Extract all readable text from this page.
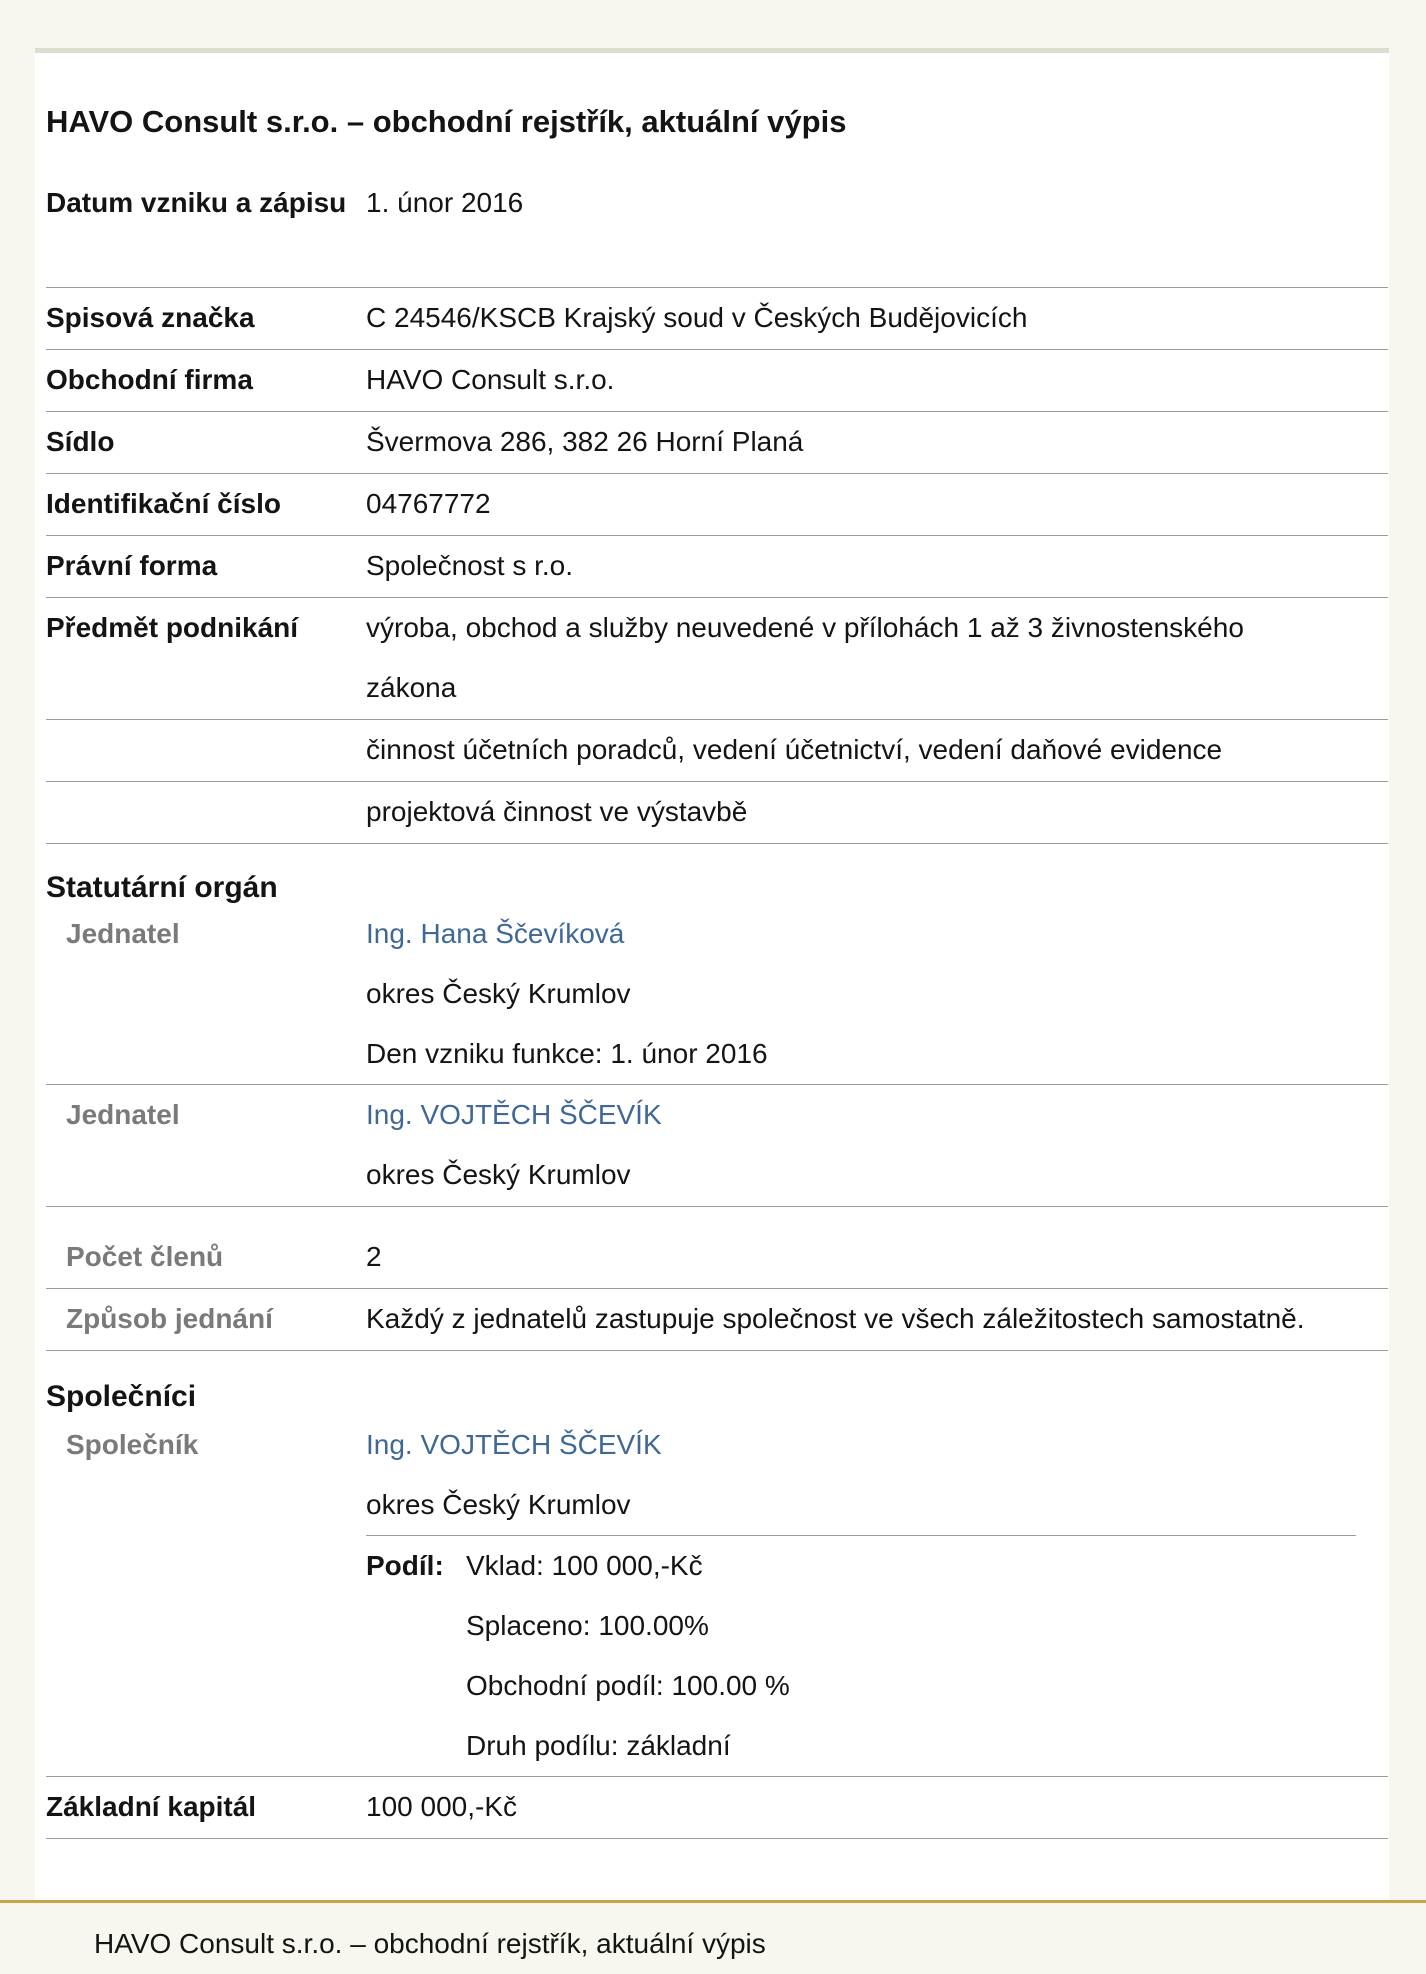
HAVO Consult s.r.o. – obchodní rejstřík, aktuální výpis
Datum vzniku a zápisu 1. únor 2016
Spisová značka	C 24546/KSCB Krajský soud v Českých Budějovicích
Obchodní firma	HAVO Consult s.r.o.
Sídlo	Švermova 286, 382 26 Horní Planá
Identifikační číslo	04767772
Právní forma	Společnost s r.o.
Předmět podnikání	výroba, obchod a služby neuvedené v přílohách 1 až 3 živnostenského zákona
činnost účetních poradců, vedení účetnictví, vedení daňové evidence
projektová činnost ve výstavbě
Statutární orgán
Jednatel	Ing. Hana Ščevíková
okres Český Krumlov
Den vzniku funkce: 1. únor 2016
Jednatel	Ing. VOJTĚCH ŠČEVÍK
okres Český Krumlov
Počet členů	2
Způsob jednání	Každý z jednatelů zastupuje společnost ve všech záležitostech samostatně.
Společníci
Společník	Ing. VOJTĚCH ŠČEVÍK
okres Český Krumlov
Podíl: Vklad: 100 000,-Kč
Splaceno: 100.00%
Obchodní podíl: 100.00 %
Druh podílu: základní
Základní kapitál	100 000,-Kč
HAVO Consult s.r.o. – obchodní rejstřík, aktuální výpis
